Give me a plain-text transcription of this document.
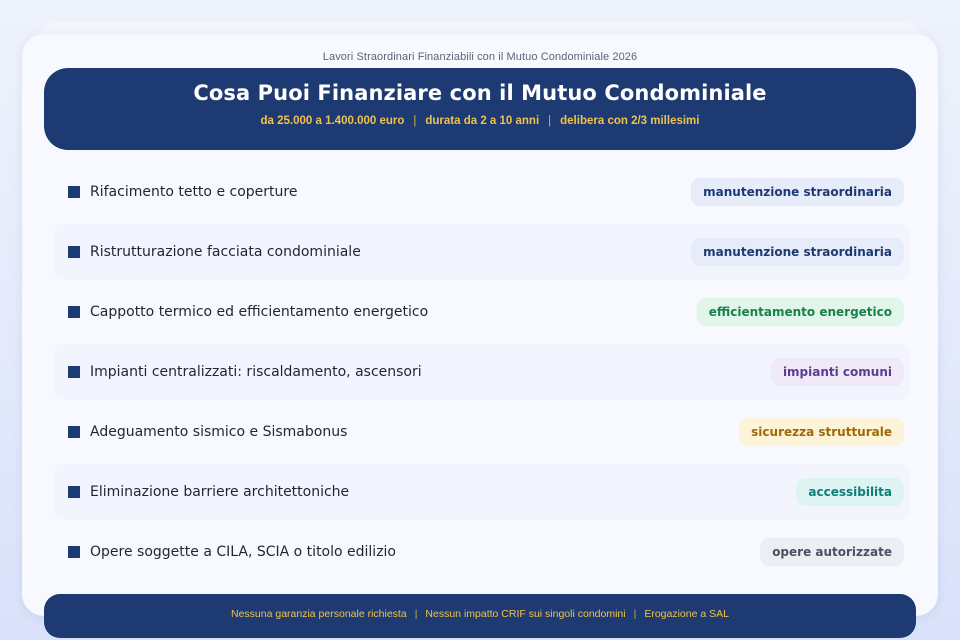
Lavori Straordinari Finanziabili con il Mutuo Condominiale 2026
Cosa Puoi Finanziare con il Mutuo Condominiale
da 25.000 a 1.400.000 euro | durata da 2 a 10 anni | delibera con 2/3 millesimi
Rifacimento tetto e coperture	manutenzione straordinaria
Ristrutturazione facciata condominiale	manutenzione straordinaria
Cappotto termico ed efficientamento energetico	efficientamento energetico
Impianti centralizzati: riscaldamento, ascensori	impianti comuni
Adeguamento sismico e Sismabonus	sicurezza strutturale
Eliminazione barriere architettoniche	accessibilita
Opere soggette a CILA, SCIA o titolo edilizio	opere autorizzate
Nessuna garanzia personale richiesta | Nessun impatto CRIF sui singoli condomini | Erogazione a SAL
